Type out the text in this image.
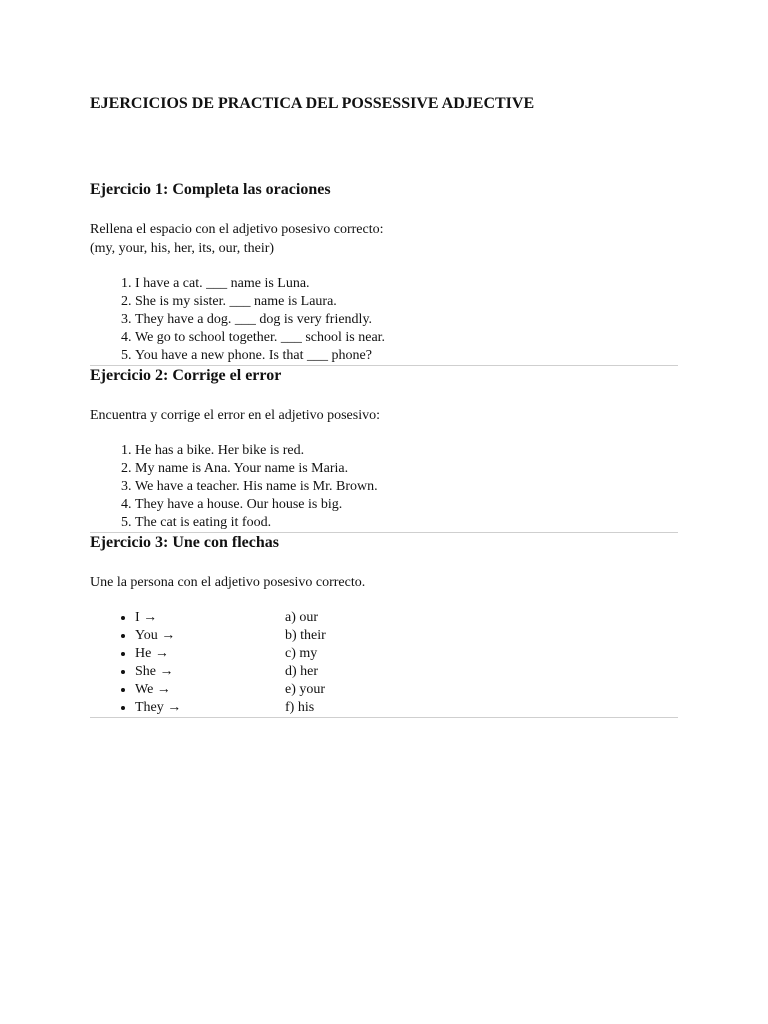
EJERCICIOS DE PRACTICA DEL POSSESSIVE ADJECTIVE
Ejercicio 1: Completa las oraciones

Rellena el espacio con el adjetivo posesivo correcto:
(my, your, his, her, its, our, their)

1. I have a cat. ___ name is Luna.
2. She is my sister. ___ name is Laura.
3. They have a dog. ___ dog is very friendly.
4. We go to school together. ___ school is near.
5. You have a new phone. Is that ___ phone?
Ejercicio 2: Corrige el error

Encuentra y corrige el error en el adjetivo posesivo:

1. He has a bike. Her bike is red.
2. My name is Ana. Your name is Maria.
3. We have a teacher. His name is Mr. Brown.
4. They have a house. Our house is big.
5. The cat is eating it food.
Ejercicio 3: Une con flechas

Une la persona con el adjetivo posesivo correcto.

• I →	a) our
• You →	b) their
• He →	c) my
• She →	d) her
• We →	e) your
• They →	f) his
